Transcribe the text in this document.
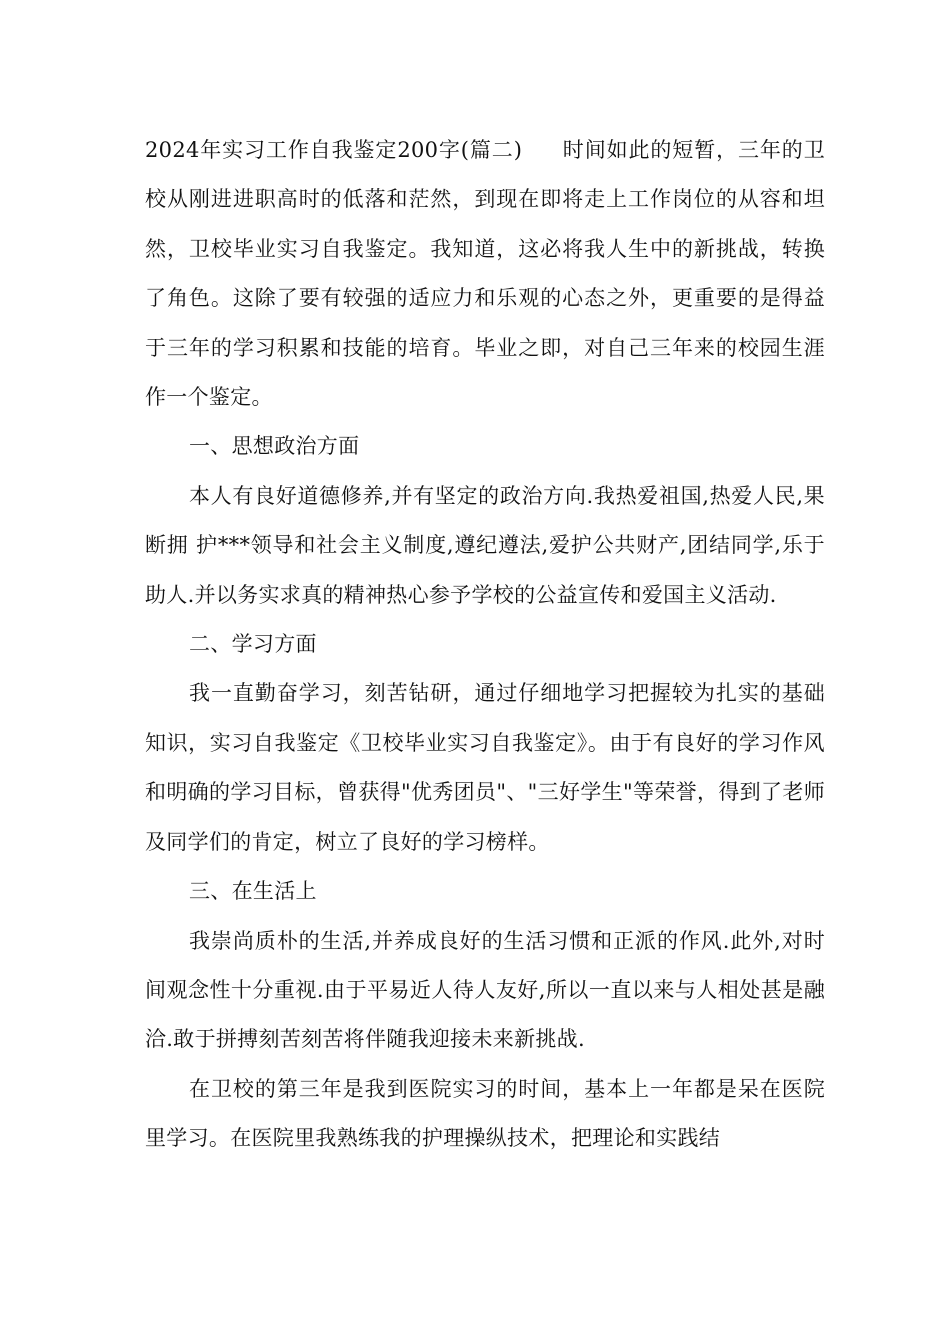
2024年实习工作自我鉴定200字(篇二) 时间如此的短暂，三年的卫校从刚进进职高时的低落和茫然，到现在即将走上工作岗位的从容和坦然，卫校毕业实习自我鉴定。我知道，这必将我人生中的新挑战，转换了角色。这除了要有较强的适应力和乐观的心态之外，更重要的是得益于三年的学习积累和技能的培育。毕业之即，对自己三年来的校园生涯作一个鉴定。

一、思想政治方面

本人有良好道德修养,并有坚定的政治方向.我热爱祖国,热爱人民,果断拥 护***领导和社会主义制度,遵纪遵法,爱护公共财产,团结同学,乐于助人.并以务实求真的精神热心参予学校的公益宣传和爱国主义活动.

二、学习方面

我一直勤奋学习，刻苦钻研，通过仔细地学习把握较为扎实的基础知识，实习自我鉴定《卫校毕业实习自我鉴定》。由于有良好的学习作风和明确的学习目标，曾获得"优秀团员"、"三好学生"等荣誉，得到了老师及同学们的肯定，树立了良好的学习榜样。

三、在生活上

我崇尚质朴的生活,并养成良好的生活习惯和正派的作风.此外,对时间观念性十分重视.由于平易近人待人友好,所以一直以来与人相处甚是融洽.敢于拼搏刻苦刻苦将伴随我迎接未来新挑战.

在卫校的第三年是我到医院实习的时间，基本上一年都是呆在医院里学习。在医院里我熟练我的护理操纵技术，把理论和实践结
